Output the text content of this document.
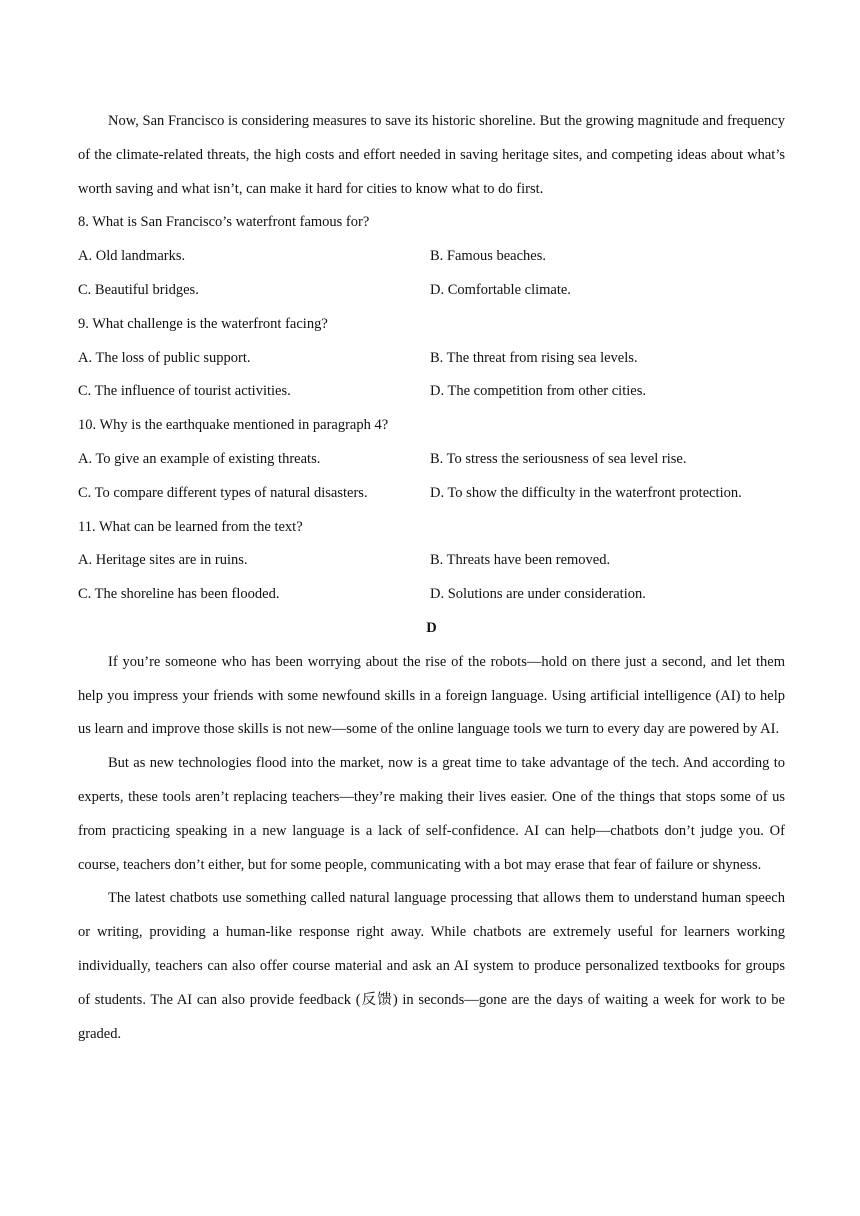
Now, San Francisco is considering measures to save its historic shoreline. But the growing magnitude and frequency of the climate-related threats, the high costs and effort needed in saving heritage sites, and competing ideas about what’s worth saving and what isn’t, can make it hard for cities to know what to do first.

8. What is San Francisco’s waterfront famous for?

A. Old landmarks.	B. Famous beaches.
C. Beautiful bridges.	D. Comfortable climate.

9. What challenge is the waterfront facing?

A. The loss of public support.	B. The threat from rising sea levels.
C. The influence of tourist activities.	D. The competition from other cities.

10. Why is the earthquake mentioned in paragraph 4?

A. To give an example of existing threats.	B. To stress the seriousness of sea level rise.
C. To compare different types of natural disasters.	D. To show the difficulty in the waterfront protection.

11. What can be learned from the text?

A. Heritage sites are in ruins.	B. Threats have been removed.
C. The shoreline has been flooded.	D. Solutions are under consideration.

D

If you’re someone who has been worrying about the rise of the robots—hold on there just a second, and let them help you impress your friends with some newfound skills in a foreign language. Using artificial intelligence (AI) to help us learn and improve those skills is not new—some of the online language tools we turn to every day are powered by AI.

But as new technologies flood into the market, now is a great time to take advantage of the tech. And according to experts, these tools aren’t replacing teachers—they’re making their lives easier. One of the things that stops some of us from practicing speaking in a new language is a lack of self-confidence. AI can help—chatbots don’t judge you. Of course, teachers don’t either, but for some people, communicating with a bot may erase that fear of failure or shyness.

The latest chatbots use something called natural language processing that allows them to understand human speech or writing, providing a human-like response right away. While chatbots are extremely useful for learners working individually, teachers can also offer course material and ask an AI system to produce personalized textbooks for groups of students. The AI can also provide feedback (反馈) in seconds—gone are the days of waiting a week for work to be graded.
